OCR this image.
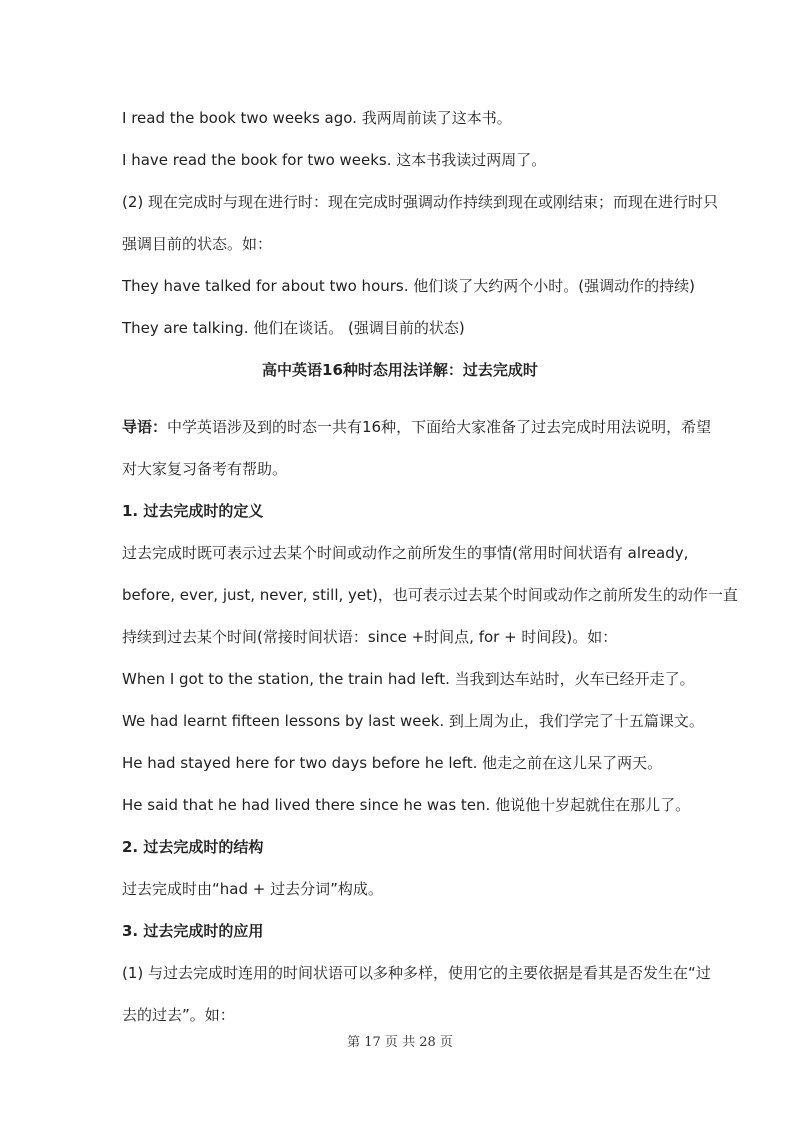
I read the book two weeks ago. 我两周前读了这本书。

I have read the book for two weeks. 这本书我读过两周了。

(2) 现在完成时与现在进行时：现在完成时强调动作持续到现在或刚结束；而现在进行时只

强调目前的状态。如：

They have talked for about two hours. 他们谈了大约两个小时。(强调动作的持续)

They are talking. 他们在谈话。 (强调目前的状态)

高中英语16种时态用法详解：过去完成时

导语：中学英语涉及到的时态一共有16种，下面给大家准备了过去完成时用法说明，希望

对大家复习备考有帮助。

1. 过去完成时的定义

过去完成时既可表示过去某个时间或动作之前所发生的事情(常用时间状语有 already,

before, ever, just, never, still, yet)，也可表示过去某个时间或动作之前所发生的动作一直

持续到过去某个时间(常接时间状语：since +时间点, for + 时间段)。如：

When I got to the station, the train had left. 当我到达车站时，火车已经开走了。

We had learnt fifteen lessons by last week. 到上周为止，我们学完了十五篇课文。

He had stayed here for two days before he left. 他走之前在这儿呆了两天。

He said that he had lived there since he was ten. 他说他十岁起就住在那儿了。

2. 过去完成时的结构

过去完成时由“had + 过去分词”构成。

3. 过去完成时的应用

(1) 与过去完成时连用的时间状语可以多种多样，使用它的主要依据是看其是否发生在“过

去的过去”。如：

第 17 页 共 28 页
